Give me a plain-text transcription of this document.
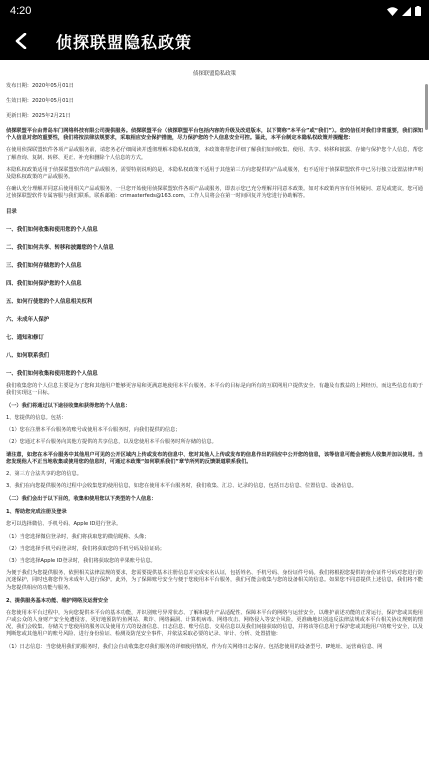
4:20
侦探联盟隐私政策
侦探联盟隐私政策
发布日期：2020年05月01日
生效日期：2020年05月01日
更新日期：2025年2月21日

侦探联盟平台由青岛车门网络科技有限公司提供服务。侦探联盟平台（侦探联盟平台包括内容的升级及改进版本，以下简称“本平台”或“我们”）。您的信任对我们非常重要，我们深知个人信息对您的重要性，我们将按法律法规要求，采取相应安全保护措施，尽力保护您的个人信息安全可控。鉴此，本平台制定本隐私权政策并提醒您：

在使用侦探联盟软件各项产品或服务前，请您务必仔细阅读并透彻理解本隐私权政策，本政策将帮您详细了解我们如何收集、使用、共享、转移和披露、存储与保护您个人信息，帮您了解查询、复制、转移、更正、补充和删除个人信息的方式。

本隐私权政策适用于侦探联盟软件的产品或服务，需要特别说明的是，本隐私权政策不适用于其他第三方向您提供的产品或服务，也不适用于侦探联盟软件中已另行独立设置法律声明及隐私权政策的产品或服务。

在确认充分理解并同意后使用相关产品或服务，一旦您开始使用侦探联盟软件各项产品或服务，即表示您已充分理解并同意本政策。如对本政策内容有任何疑问、意见或建议，您可通过侦探联盟软件专属客服与我们联系。联系邮箱：crimasterfeds@163.com，工作人员将会在第一时间回复并为您进行协助解答。

目录
一、我们如何收集和使用您的个人信息
二、我们如何共享、转移和披露您的个人信息
三、我们如何存储您的个人信息
四、我们如何保护您的个人信息
五、如何行使您的个人信息相关权利
六、未成年人保护
七、通知和修订
八、如何联系我们
一、我们如何收集和使用您的个人信息

我们收集您的个人信息主要是为了您和其他用户能够更容易和更满意地使用本平台服务。本平台的目标是向所有的互联网用户提供安全、有趣及有教益的上网经历，而这些信息有助于我们实现这一目标。

（一）我们将通过以下途径收集和获得您的个人信息：

1、您提供的信息。包括：

（1）您在注册本平台服务的账号或使用本平台服务时，向我们提供的信息；

（2）您通过本平台服务向其他方提供的共享信息，以及您使用本平台服务时所存储的信息。

请注意，如您在本平台服务中其他用户可见的公开区域内上传或发布的信息中、您对其他人上传或发布的信息作出的回应中公开您的信息，该等信息可能会被他人收集并加以使用。当您发现他人不正当地收集或使用您的信息时，可通过本政策“如何联系我们”章节所列的反馈渠道联系我们。

2、第三方合法共享的您的信息。

3、我们在向您提供服务的过程中会收集您的使用信息，如您在使用本平台服务时，我们收集、汇总、记录的信息，包括日志信息、位置信息、设备信息。

（二）我们会出于以下目的，收集和使用您以下类型的个人信息：
1、帮助您完成注册及登录

您可以选择微信、手机号码、Apple ID进行登录。

（1）当您选择微信登录时，我们将获取您的微信昵称、头像；

（2）当您选择手机号码登录时，我们将获取您的手机号码及验证码；

（3）当您选择Apple ID登录时，我们将获取您的苹果账号信息。

为便于我们为您提供服务，依照相关法律法规的要求，您需要提供基本注册信息并完成实名认证，包括姓名、手机号码、身份证件号码。我们将根据您提供的身份证件号码对您进行防沉迷保护，同时也将您作为未成年人进行保护。此外，为了保障账号安全与便于您使用本平台服务，我们可能会收集与您的设备相关的信息。如果您不同意提供上述信息，我们将不能为您提供相应的功能与服务。

2、提供服务基本功能、维护网络及运营安全

在您使用本平台过程中，为向您提供本平台的基本功能，并识别账号异常状态、了解和提升产品适配性、保障本平台的网络与运营安全，以维护前述功能的正常运行，保护您或其他用户或公众的人身财产安全免遭侵害，更好地预防钓鱼网站、欺诈、网络漏洞、计算机病毒、网络攻击、网络侵入等安全风险，更准确地识别违反法律法规或本平台相关协议规则的情况，我们会收集、存储关于您使用的服务以及使用方式的设备信息、日志信息、账号信息、交易信息以及我们间接获取的信息，并将该等信息用于保护您或其他用户的账号安全，以及判断您或其他用户的账号风险、进行身份验证、检测及防范安全事件，并依法采取必要的记录、审计、分析、处置措施：

（1）日志信息：当您使用我们的服务时，我们会自动收集您对我们服务的详细使用情况，作为有关网络日志保存。包括您使用的设备型号、IP地址、运营商信息、网
